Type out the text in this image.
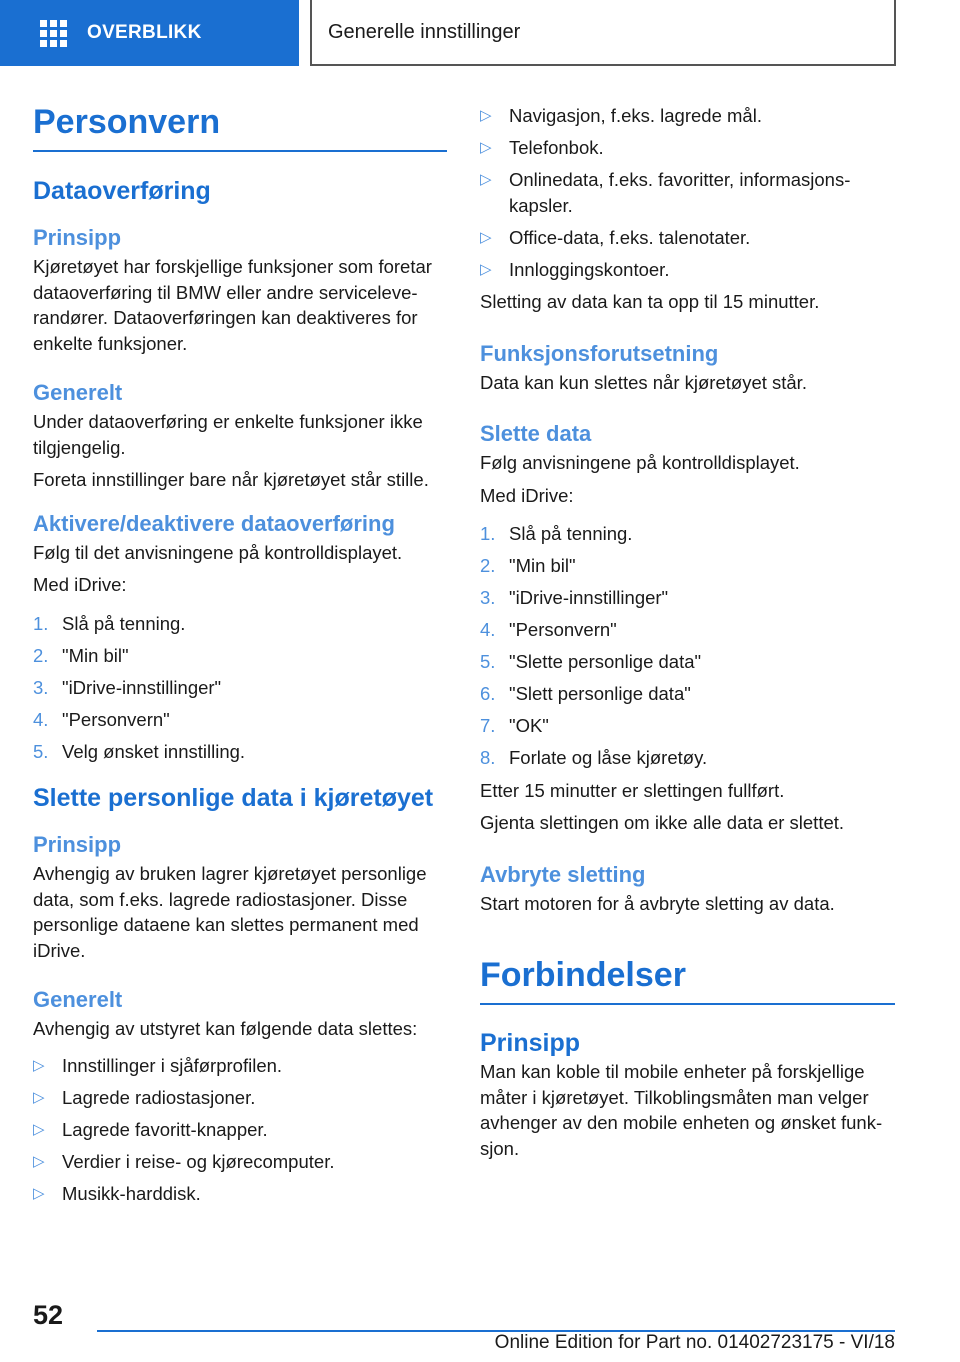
OVERBLIKK	Generelle innstillinger
Personvern
Dataoverføring
Prinsipp

Kjøretøyet har forskjellige funksjoner som foretar dataoverføring til BMW eller andre serviceleve‐ randører. Dataoverføringen kan deaktiveres for enkelte funksjoner.

Generelt

Under dataoverføring er enkelte funksjoner ikke tilgjengelig.

Foreta innstillinger bare når kjøretøyet står stille.

Aktivere/deaktivere dataoverføring

Følg til det anvisningene på kontrolldisplayet.

Med iDrive:

1. Slå på tenning.
2. "Min bil"
3. "iDrive-innstillinger"
4. "Personvern"
5. Velg ønsket innstilling.
Slette personlige data i kjøretøyet
Prinsipp

Avhengig av bruken lagrer kjøretøyet personlige data, som f.eks. lagrede radiostasjoner. Disse personlige dataene kan slettes permanent med iDrive.

Generelt

Avhengig av utstyret kan følgende data slettes:

▷ Innstillinger i sjåførprofilen.
▷ Lagrede radiostasjoner.
▷ Lagrede favoritt-knapper.
▷ Verdier i reise- og kjørecomputer.
▷ Musikk-harddisk.
▷ Navigasjon, f.eks. lagrede mål.
▷ Telefonbok.
▷ Onlinedata, f.eks. favoritter, informasjons‐ kapsler.
▷ Office-data, f.eks. talenotater.
▷ Innloggingskontoer.

Sletting av data kan ta opp til 15 minutter.

Funksjonsforutsetning

Data kan kun slettes når kjøretøyet står.

Slette data

Følg anvisningene på kontrolldisplayet.

Med iDrive:

1. Slå på tenning.
2. "Min bil"
3. "iDrive-innstillinger"
4. "Personvern"
5. "Slette personlige data"
6. "Slett personlige data"
7. "OK"
8. Forlate og låse kjøretøy.

Etter 15 minutter er slettingen fullført.

Gjenta slettingen om ikke alle data er slettet.

Avbryte sletting

Start motoren for å avbryte sletting av data.

Forbindelser
Prinsipp

Man kan koble til mobile enheter på forskjellige måter i kjøretøyet. Tilkoblingsmåten man velger avhenger av den mobile enheten og ønsket funk‐ sjon.

52
Online Edition for Part no. 01402723175 - VI/18
